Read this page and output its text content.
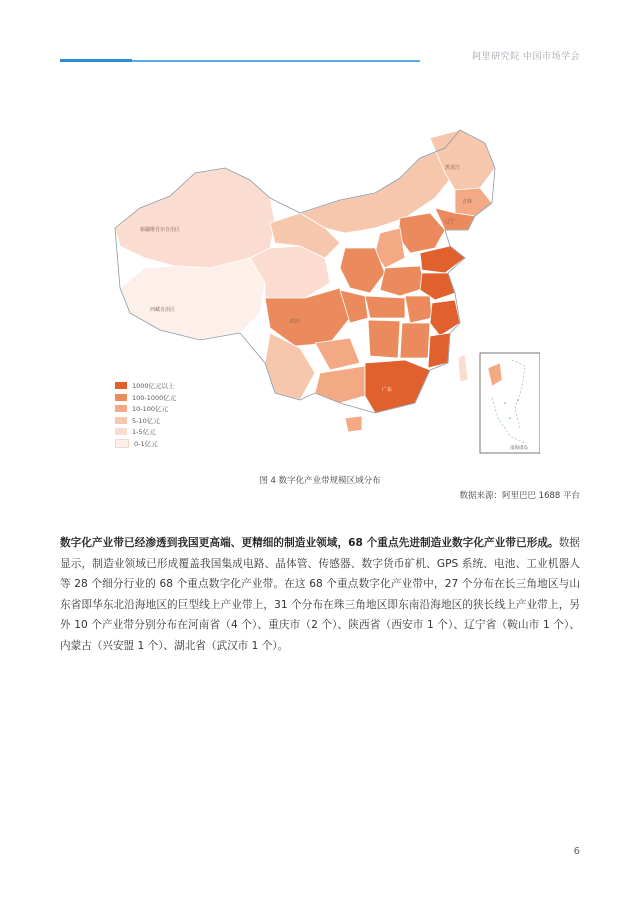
阿里研究院 中国市场学会
黑龙江
吉林
辽宁
新疆维吾尔自治区
西藏自治区
四川
广东
南海诸岛
1000亿元以上
100-1000亿元
10-100亿元
5-10亿元
1-5亿元
0-1亿元
图 4 数字化产业带规模区域分布
数据来源：阿里巴巴 1688 平台
数字化产业带已经渗透到我国更高端、更精细的制造业领域，68 个重点先进制造业数字化产业带已形成。数据显示，制造业领域已形成覆盖我国集成电路、晶体管、传感器、数字货币矿机、GPS 系统、电池、工业机器人等 28 个细分行业的 68 个重点数字化产业带。在这 68 个重点数字化产业带中，27 个分布在长三角地区与山东省即华东北沿海地区的巨型线上产业带上，31 个分布在珠三角地区即东南沿海地区的狭长线上产业带上，另外 10 个产业带分别分布在河南省（4 个）、重庆市（2 个）、陕西省（西安市 1 个）、辽宁省（鞍山市 1 个）、内蒙古（兴安盟 1 个）、湖北省（武汉市 1 个）。
6
